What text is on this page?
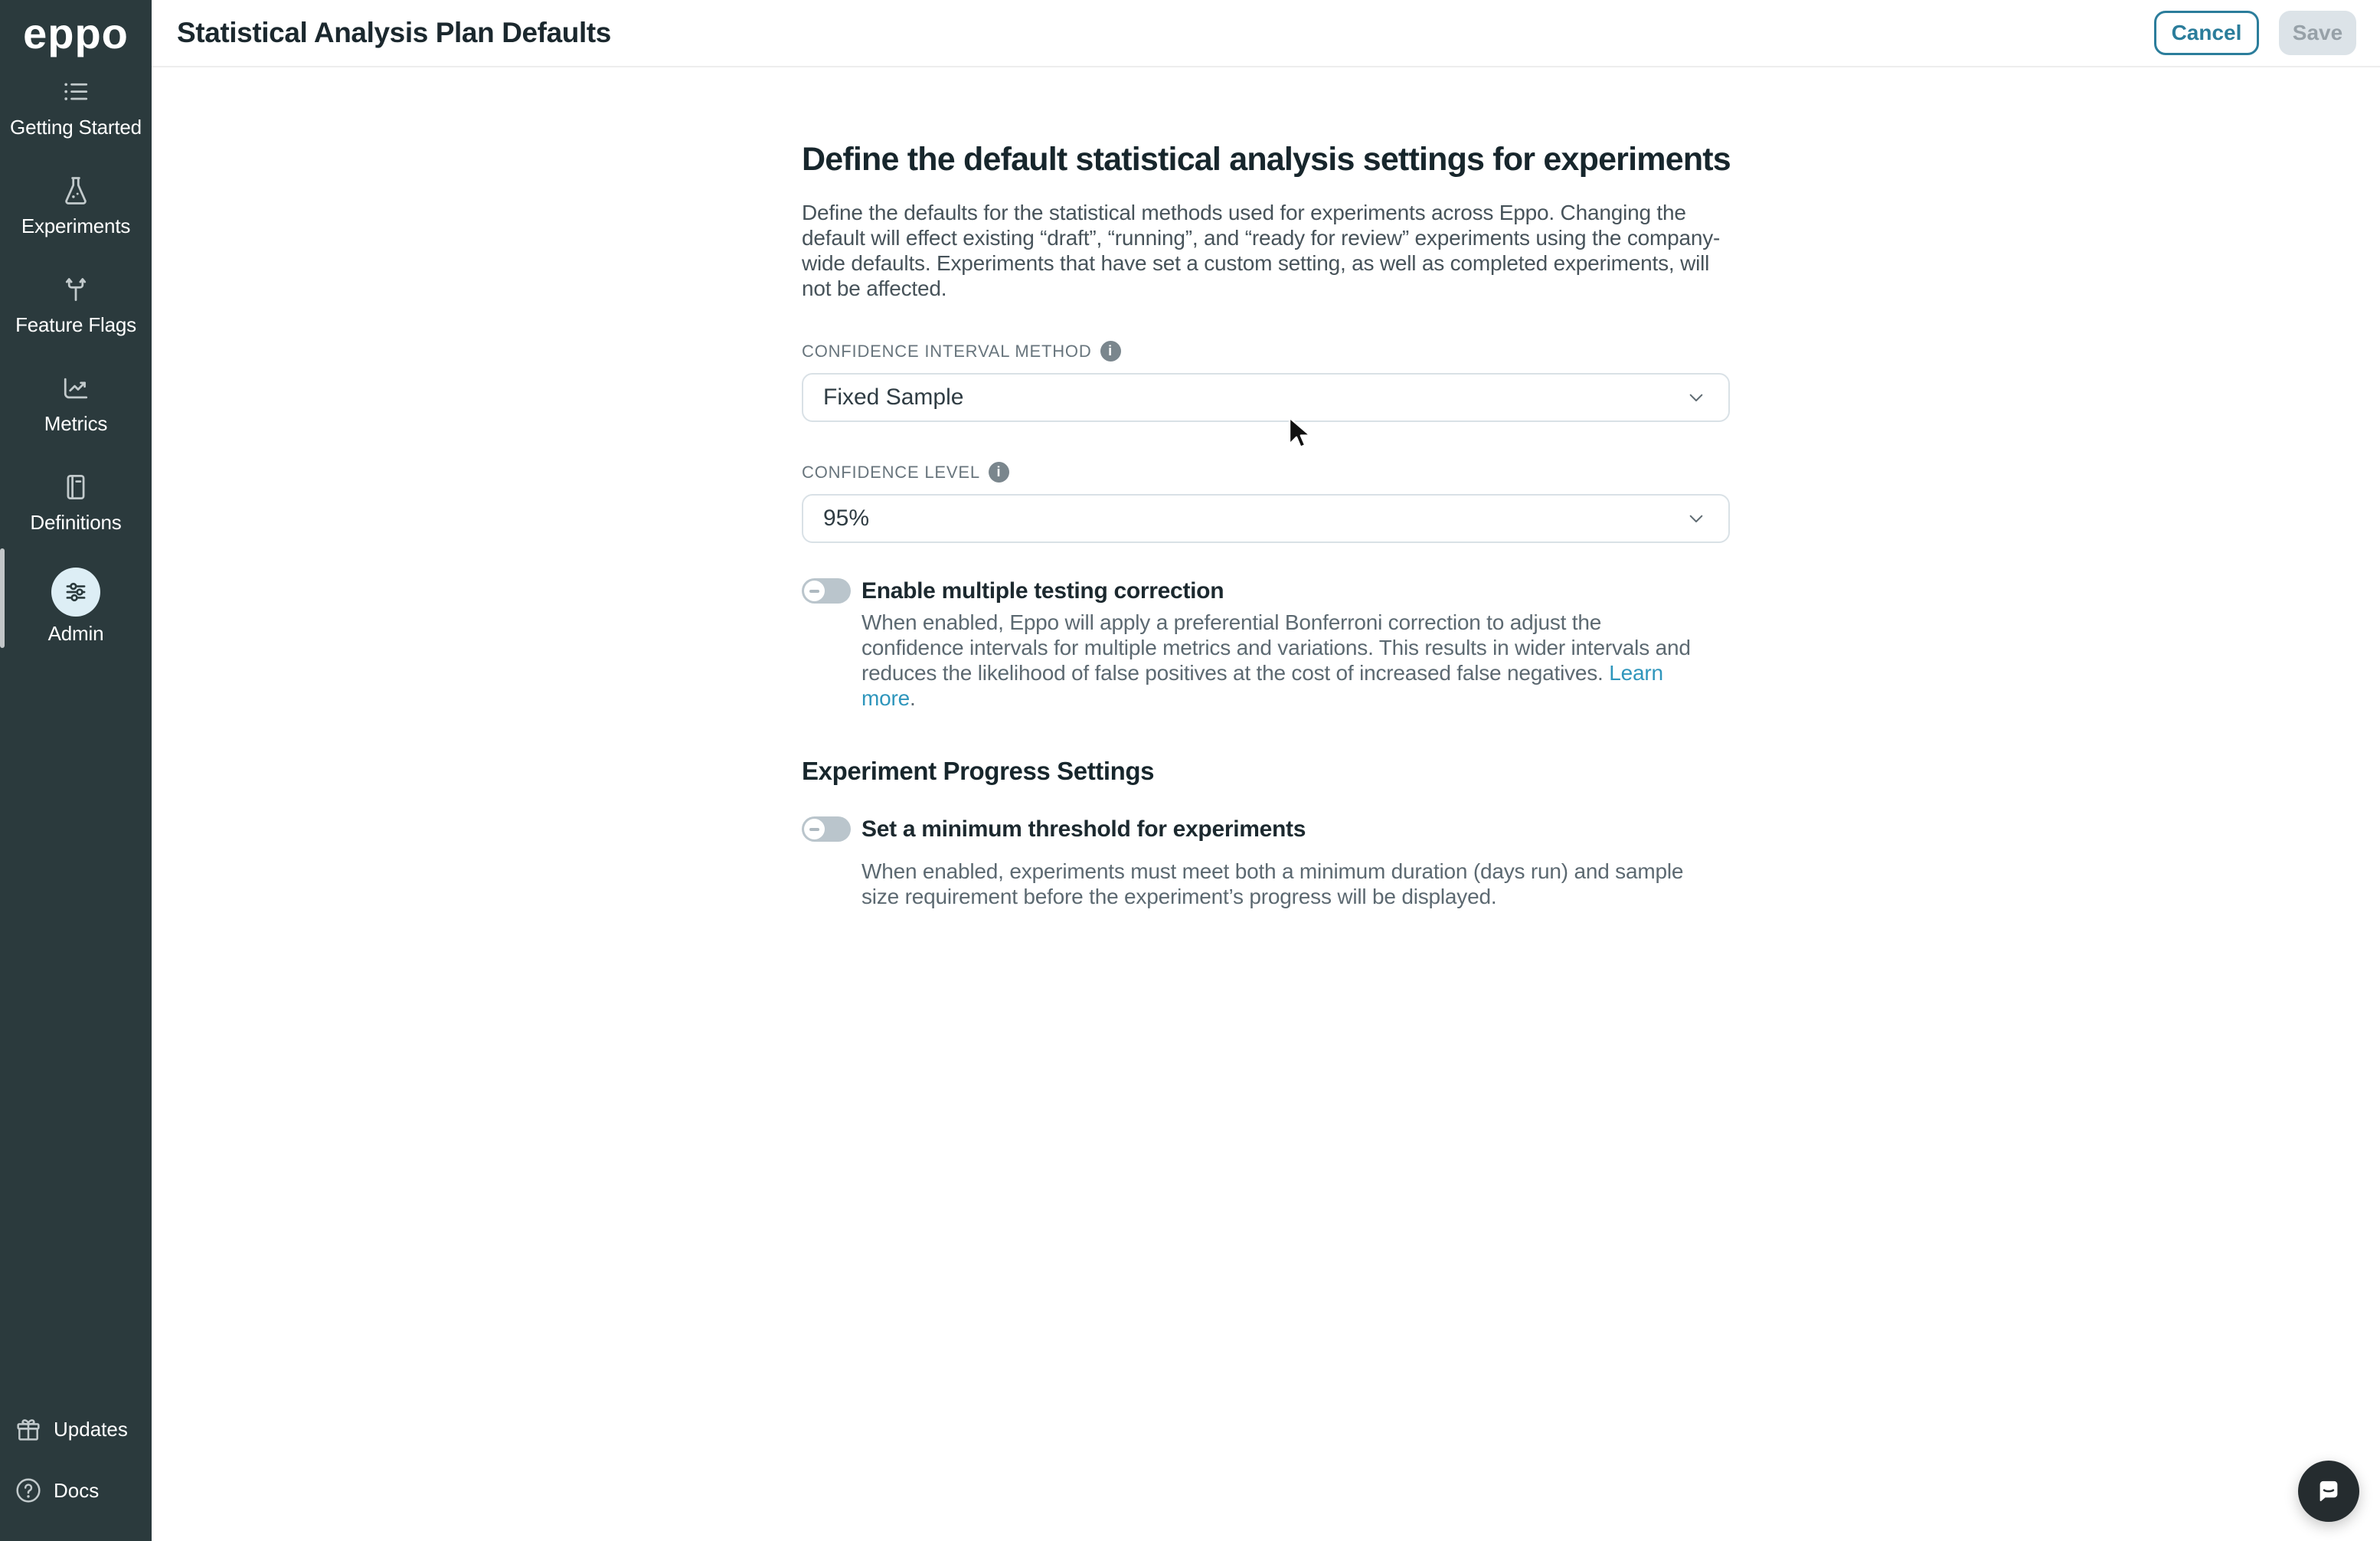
eppo
Getting Started
Experiments
Feature Flags
Metrics
Definitions
Admin
Updates
Docs
Statistical Analysis Plan Defaults	Cancel	Save
Define the default statistical analysis settings for experiments

Define the defaults for the statistical methods used for experiments across Eppo. Changing the default will effect existing “draft”, “running”, and “ready for review” experiments using the company-wide defaults. Experiments that have set a custom setting, as well as completed experiments, will not be affected.

CONFIDENCE INTERVAL METHOD	i
Fixed Sample
CONFIDENCE LEVEL	i
95%
Enable multiple testing correction

When enabled, Eppo will apply a preferential Bonferroni correction to adjust the confidence intervals for multiple metrics and variations. This results in wider intervals and reduces the likelihood of false positives at the cost of increased false negatives. Learn more.

Experiment Progress Settings
Set a minimum threshold for experiments

When enabled, experiments must meet both a minimum duration (days run) and sample size requirement before the experiment’s progress will be displayed.
